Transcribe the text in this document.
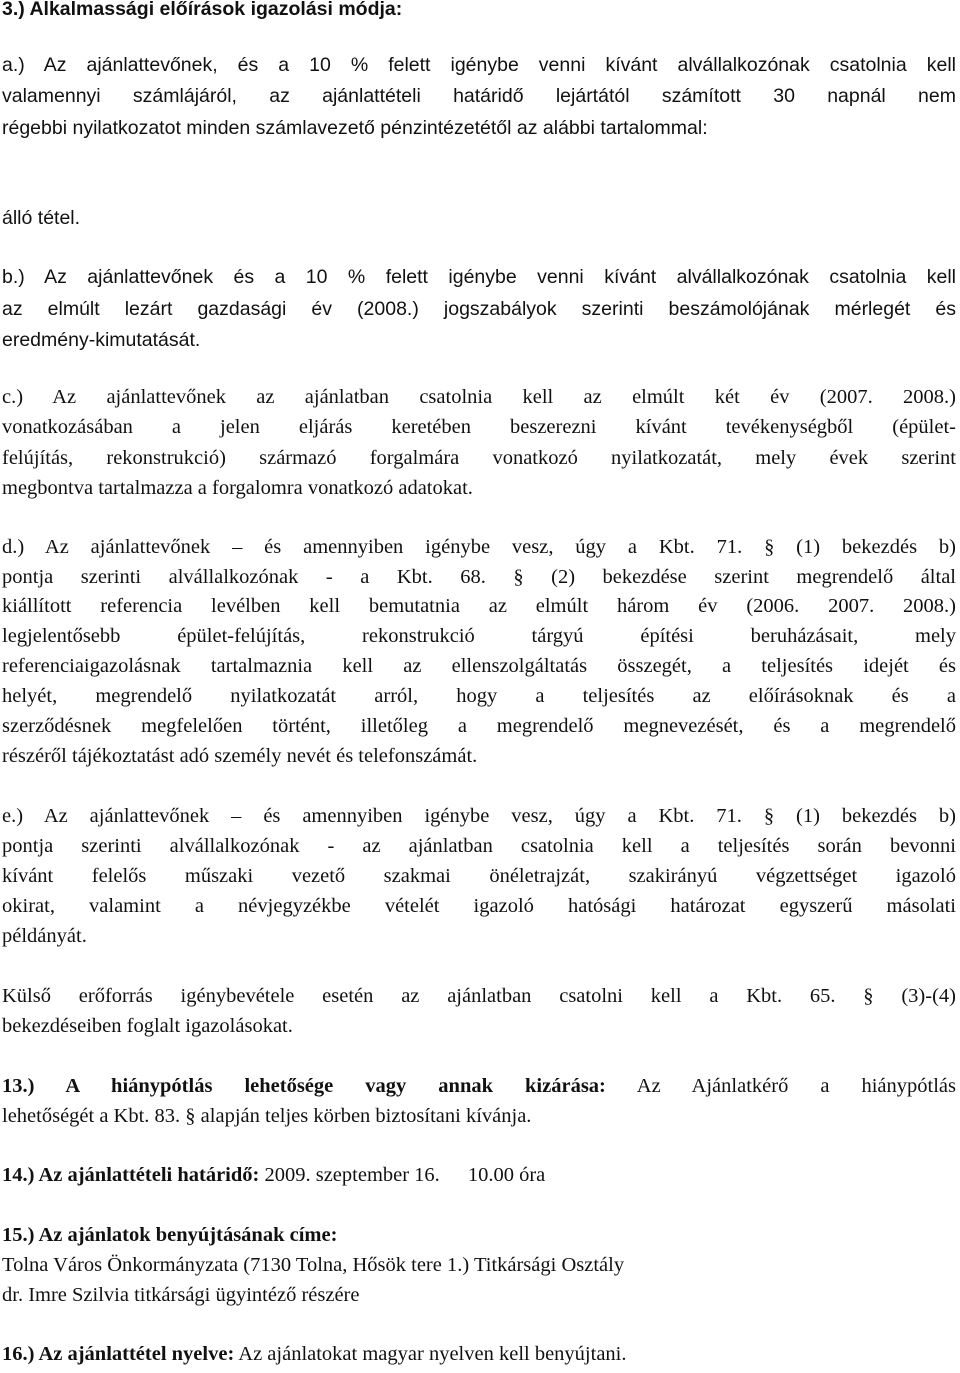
3.) Alkalmassági előírások igazolási módja:
a.) Az ajánlattevőnek, és a 10 % felett igénybe venni kívánt alvállalkozónak csatolnia kell
valamennyi számlájáról, az ajánlattételi határidő lejártától számított 30 napnál nem
régebbi nyilatkozatot minden számlavezető pénzintézetétől az alábbi tartalommal:
álló tétel.
b.) Az ajánlattevőnek és a 10 % felett igénybe venni kívánt alvállalkozónak csatolnia kell
az elmúlt lezárt gazdasági év (2008.) jogszabályok szerinti beszámolójának mérlegét és
eredmény-kimutatását.
c.) Az ajánlattevőnek az ajánlatban csatolnia kell az elmúlt két év (2007. 2008.)
vonatkozásában a jelen eljárás keretében beszerezni kívánt tevékenységből (épület-
felújítás, rekonstrukció) származó forgalmára vonatkozó nyilatkozatát, mely évek szerint
megbontva tartalmazza a forgalomra vonatkozó adatokat.
d.) Az ajánlattevőnek – és amennyiben igénybe vesz, úgy a Kbt. 71. § (1) bekezdés b)
pontja szerinti alvállalkozónak - a Kbt. 68. § (2) bekezdése szerint megrendelő által
kiállított referencia levélben kell bemutatnia az elmúlt három év (2006. 2007. 2008.)
legjelentősebb épület-felújítás, rekonstrukció tárgyú építési beruházásait, mely
referenciaigazolásnak tartalmaznia kell az ellenszolgáltatás összegét, a teljesítés idejét és
helyét, megrendelő nyilatkozatát arról, hogy a teljesítés az előírásoknak és a
szerződésnek megfelelően történt, illetőleg a megrendelő megnevezését, és a megrendelő
részéről tájékoztatást adó személy nevét és telefonszámát.
e.) Az ajánlattevőnek – és amennyiben igénybe vesz, úgy a Kbt. 71. § (1) bekezdés b)
pontja szerinti alvállalkozónak - az ajánlatban csatolnia kell a teljesítés során bevonni
kívánt felelős műszaki vezető szakmai önéletrajzát, szakirányú végzettséget igazoló
okirat, valamint a névjegyzékbe vételét igazoló hatósági határozat egyszerű másolati
példányát.
Külső erőforrás igénybevétele esetén az ajánlatban csatolni kell a Kbt. 65. § (3)-(4)
bekezdéseiben foglalt igazolásokat.
13.) A hiánypótlás lehetősége vagy annak kizárása: Az Ajánlatkérő a hiánypótlás
lehetőségét a Kbt. 83. § alapján teljes körben biztosítani kívánja.
14.) Az ajánlattételi határidő: 2009. szeptember 16. 10.00 óra
15.) Az ajánlatok benyújtásának címe:
Tolna Város Önkormányzata (7130 Tolna, Hősök tere 1.) Titkársági Osztály
dr. Imre Szilvia titkársági ügyintéző részére
16.) Az ajánlattétel nyelve: Az ajánlatokat magyar nyelven kell benyújtani.
